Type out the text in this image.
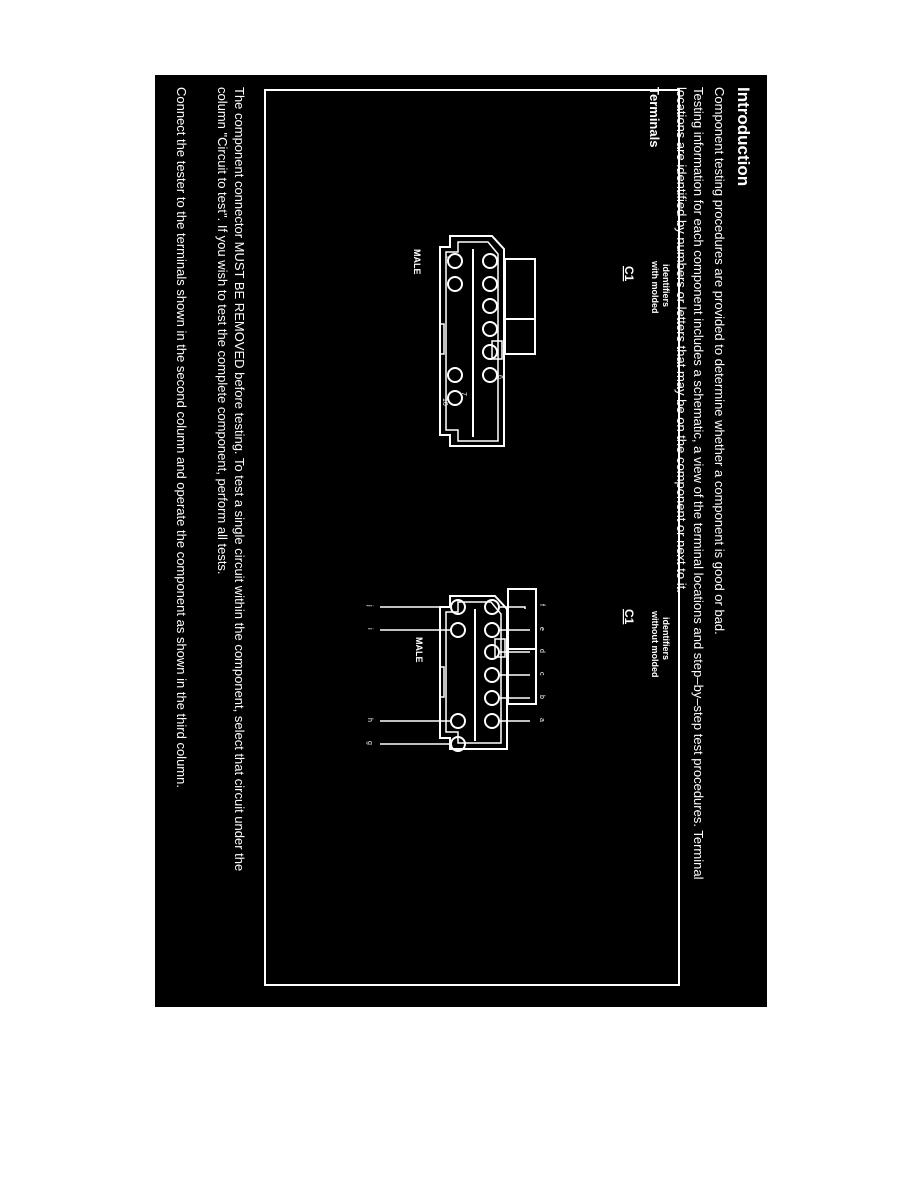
Introduction
Component testing procedures are provided to determine whether a component is good or bad.
Testing information for each component includes a schematic, a view of the terminal locations and step–by–step test procedures. Terminal
locations are identified by numbers or letters that may be on the component or next to it.
Terminals
C1 with molded identifiers
MALE	1
6
7
10
C1 without molded identifiers
MALE
f
e
d
c
b
a
j
i
h
g
The component connector MUST BE REMOVED before testing. To test a single circuit within the component, select that circuit under the
column "Circuit to test". If you wish to test the complete component, perform all tests.
Connect the tester to the terminals shown in the second column and operate the component as shown in the third column.
